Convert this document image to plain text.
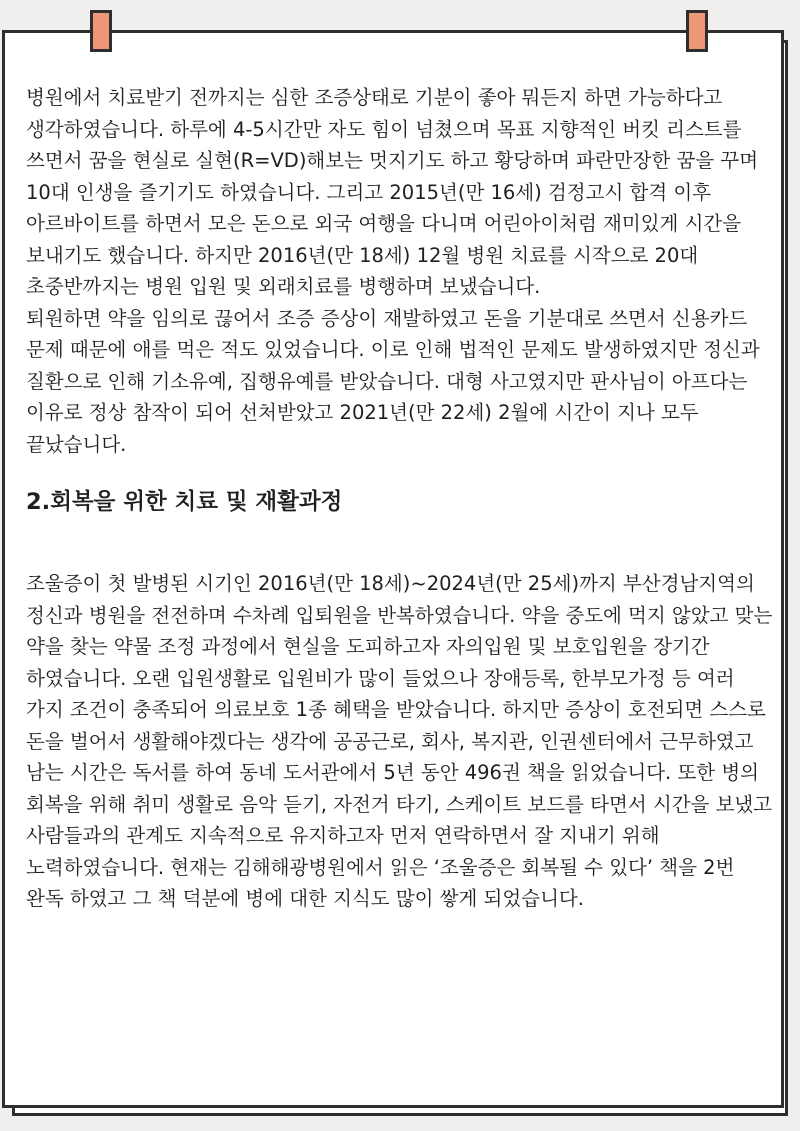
병원에서 치료받기 전까지는 심한 조증상태로 기분이 좋아 뭐든지 하면 가능하다고 생각하였습니다. 하루에 4-5시간만 자도 힘이 넘쳤으며 목표 지향적인 버킷 리스트를 쓰면서 꿈을 현실로 실현(R=VD)해보는 멋지기도 하고 황당하며 파란만장한 꿈을 꾸며 10대 인생을 즐기기도 하였습니다. 그리고 2015년(만 16세) 검정고시 합격 이후 아르바이트를 하면서 모은 돈으로 외국 여행을 다니며 어린아이처럼 재미있게 시간을 보내기도 했습니다. 하지만 2016년(만 18세) 12월 병원 치료를 시작으로 20대 초중반까지는 병원 입원 및 외래치료를 병행하며 보냈습니다.

퇴원하면 약을 임의로 끊어서 조증 증상이 재발하였고 돈을 기분대로 쓰면서 신용카드 문제 때문에 애를 먹은 적도 있었습니다. 이로 인해 법적인 문제도 발생하였지만 정신과 질환으로 인해 기소유예, 집행유예를 받았습니다. 대형 사고였지만 판사님이 아프다는 이유로 정상 참작이 되어 선처받았고 2021년(만 22세) 2월에 시간이 지나 모두 끝났습니다.

2.회복을 위한 치료 및 재활과정

조울증이 첫 발병된 시기인 2016년(만 18세)~2024년(만 25세)까지 부산경남지역의 정신과 병원을 전전하며 수차례 입퇴원을 반복하였습니다. 약을 중도에 먹지 않았고 맞는 약을 찾는 약물 조정 과정에서 현실을 도피하고자 자의입원 및 보호입원을 장기간 하였습니다. 오랜 입원생활로 입원비가 많이 들었으나 장애등록, 한부모가정 등 여러 가지 조건이 충족되어 의료보호 1종 혜택을 받았습니다. 하지만 증상이 호전되면 스스로 돈을 벌어서 생활해야겠다는 생각에 공공근로, 회사, 복지관, 인권센터에서 근무하였고 남는 시간은 독서를 하여 동네 도서관에서 5년 동안 496권 책을 읽었습니다. 또한 병의 회복을 위해 취미 생활로 음악 듣기, 자전거 타기, 스케이트 보드를 타면서 시간을 보냈고 사람들과의 관계도 지속적으로 유지하고자 먼저 연락하면서 잘 지내기 위해 노력하였습니다. 현재는 김해해광병원에서 읽은 ‘조울증은 회복될 수 있다’ 책을 2번 완독 하였고 그 책 덕분에 병에 대한 지식도 많이 쌓게 되었습니다.
